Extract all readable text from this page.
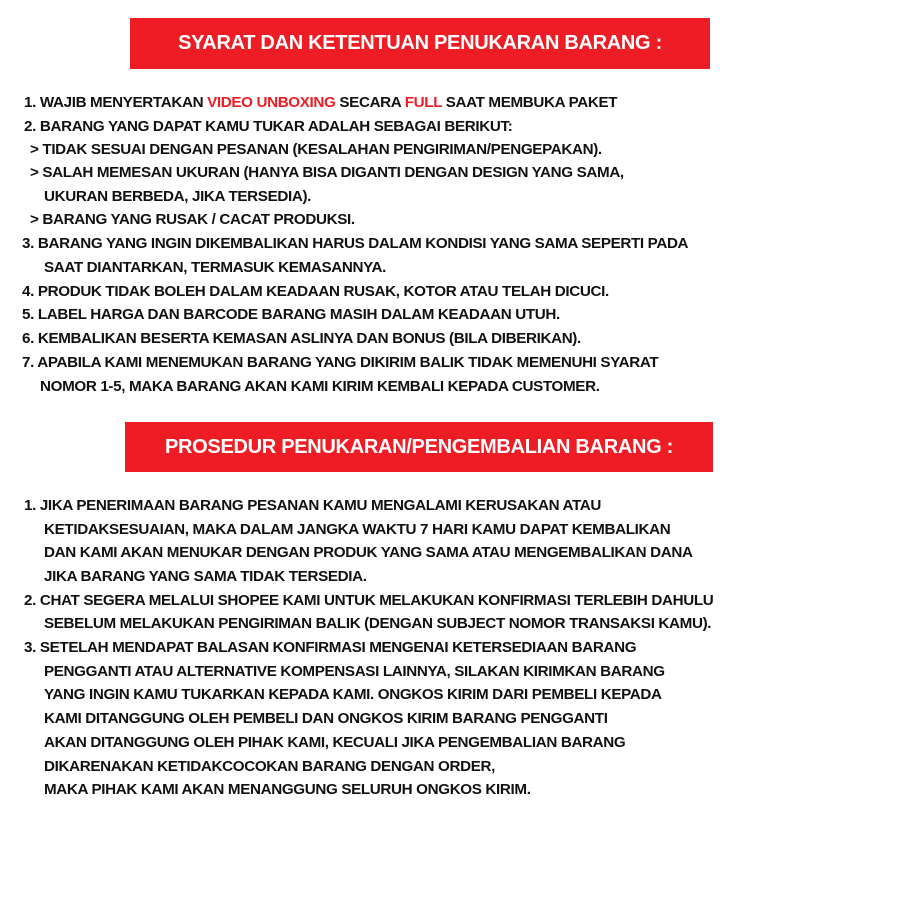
SYARAT DAN KETENTUAN PENUKARAN BARANG :
1. WAJIB MENYERTAKAN VIDEO UNBOXING SECARA FULL SAAT MEMBUKA PAKET
2. BARANG YANG DAPAT KAMU TUKAR ADALAH SEBAGAI BERIKUT:
> TIDAK SESUAI DENGAN PESANAN (KESALAHAN PENGIRIMAN/PENGEPAKAN).
> SALAH MEMESAN UKURAN (HANYA BISA DIGANTI DENGAN DESIGN YANG SAMA,
UKURAN BERBEDA, JIKA TERSEDIA).
> BARANG YANG RUSAK / CACAT PRODUKSI.
3. BARANG YANG INGIN DIKEMBALIKAN HARUS DALAM KONDISI YANG SAMA SEPERTI PADA
SAAT DIANTARKAN, TERMASUK KEMASANNYA.
4. PRODUK TIDAK BOLEH DALAM KEADAAN RUSAK, KOTOR ATAU TELAH DICUCI.
5. LABEL HARGA DAN BARCODE BARANG MASIH DALAM KEADAAN UTUH.
6. KEMBALIKAN BESERTA KEMASAN ASLINYA DAN BONUS (BILA DIBERIKAN).
7. APABILA KAMI MENEMUKAN BARANG YANG DIKIRIM BALIK TIDAK MEMENUHI SYARAT
NOMOR 1-5, MAKA BARANG AKAN KAMI KIRIM KEMBALI KEPADA CUSTOMER.
PROSEDUR PENUKARAN/PENGEMBALIAN BARANG :
1. JIKA PENERIMAAN BARANG PESANAN KAMU MENGALAMI KERUSAKAN ATAU
KETIDAKSESUAIAN, MAKA DALAM JANGKA WAKTU 7 HARI KAMU DAPAT KEMBALIKAN
DAN KAMI AKAN MENUKAR DENGAN PRODUK YANG SAMA ATAU MENGEMBALIKAN DANA
JIKA BARANG YANG SAMA TIDAK TERSEDIA.
2. CHAT SEGERA MELALUI SHOPEE KAMI UNTUK MELAKUKAN KONFIRMASI TERLEBIH DAHULU
SEBELUM MELAKUKAN PENGIRIMAN BALIK (DENGAN SUBJECT NOMOR TRANSAKSI KAMU).
3. SETELAH MENDAPAT BALASAN KONFIRMASI MENGENAI KETERSEDIAAN BARANG
PENGGANTI ATAU ALTERNATIVE KOMPENSASI LAINNYA, SILAKAN KIRIMKAN BARANG
YANG INGIN KAMU TUKARKAN KEPADA KAMI. ONGKOS KIRIM DARI PEMBELI KEPADA
KAMI DITANGGUNG OLEH PEMBELI DAN ONGKOS KIRIM BARANG PENGGANTI
AKAN DITANGGUNG OLEH PIHAK KAMI, KECUALI JIKA PENGEMBALIAN BARANG
DIKARENAKAN KETIDAKCOCOKAN BARANG DENGAN ORDER,
MAKA PIHAK KAMI AKAN MENANGGUNG SELURUH ONGKOS KIRIM.
